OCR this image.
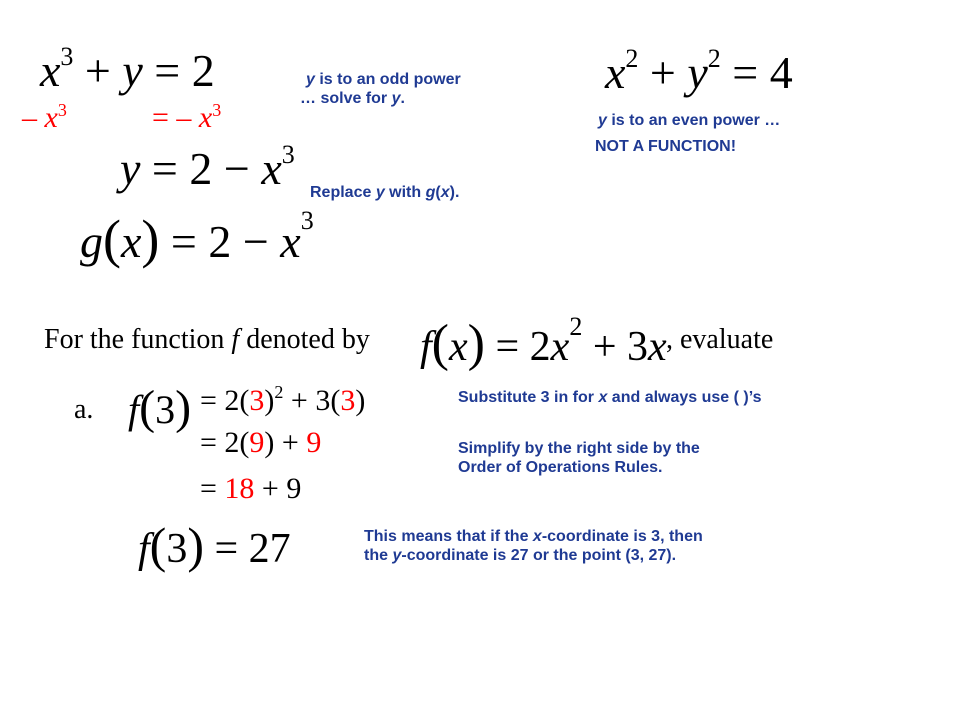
$x^3 + y = 2$
– $x^3$	= – $x^3$
$y = 2 - x^3$
$g(x) = 2 - x^3$
y is to an odd power
… solve for y.
Replace y with g(x).
$x^2 + y^2 = 4$
y is to an even power …
NOT A FUNCTION!
For the function f denoted by $f(x) = 2x^2 + 3x$ , evaluate
a. $f(3) = 2(3)^2 + 3(3)$
= 2(9) + 9
= 18 + 9
f(3) = 27
Substitute 3 in for x and always use ( )’s
Simplify by the right side by the
Order of Operations Rules.
This means that if the x-coordinate is 3, then
the y-coordinate is 27 or the point (3, 27).
